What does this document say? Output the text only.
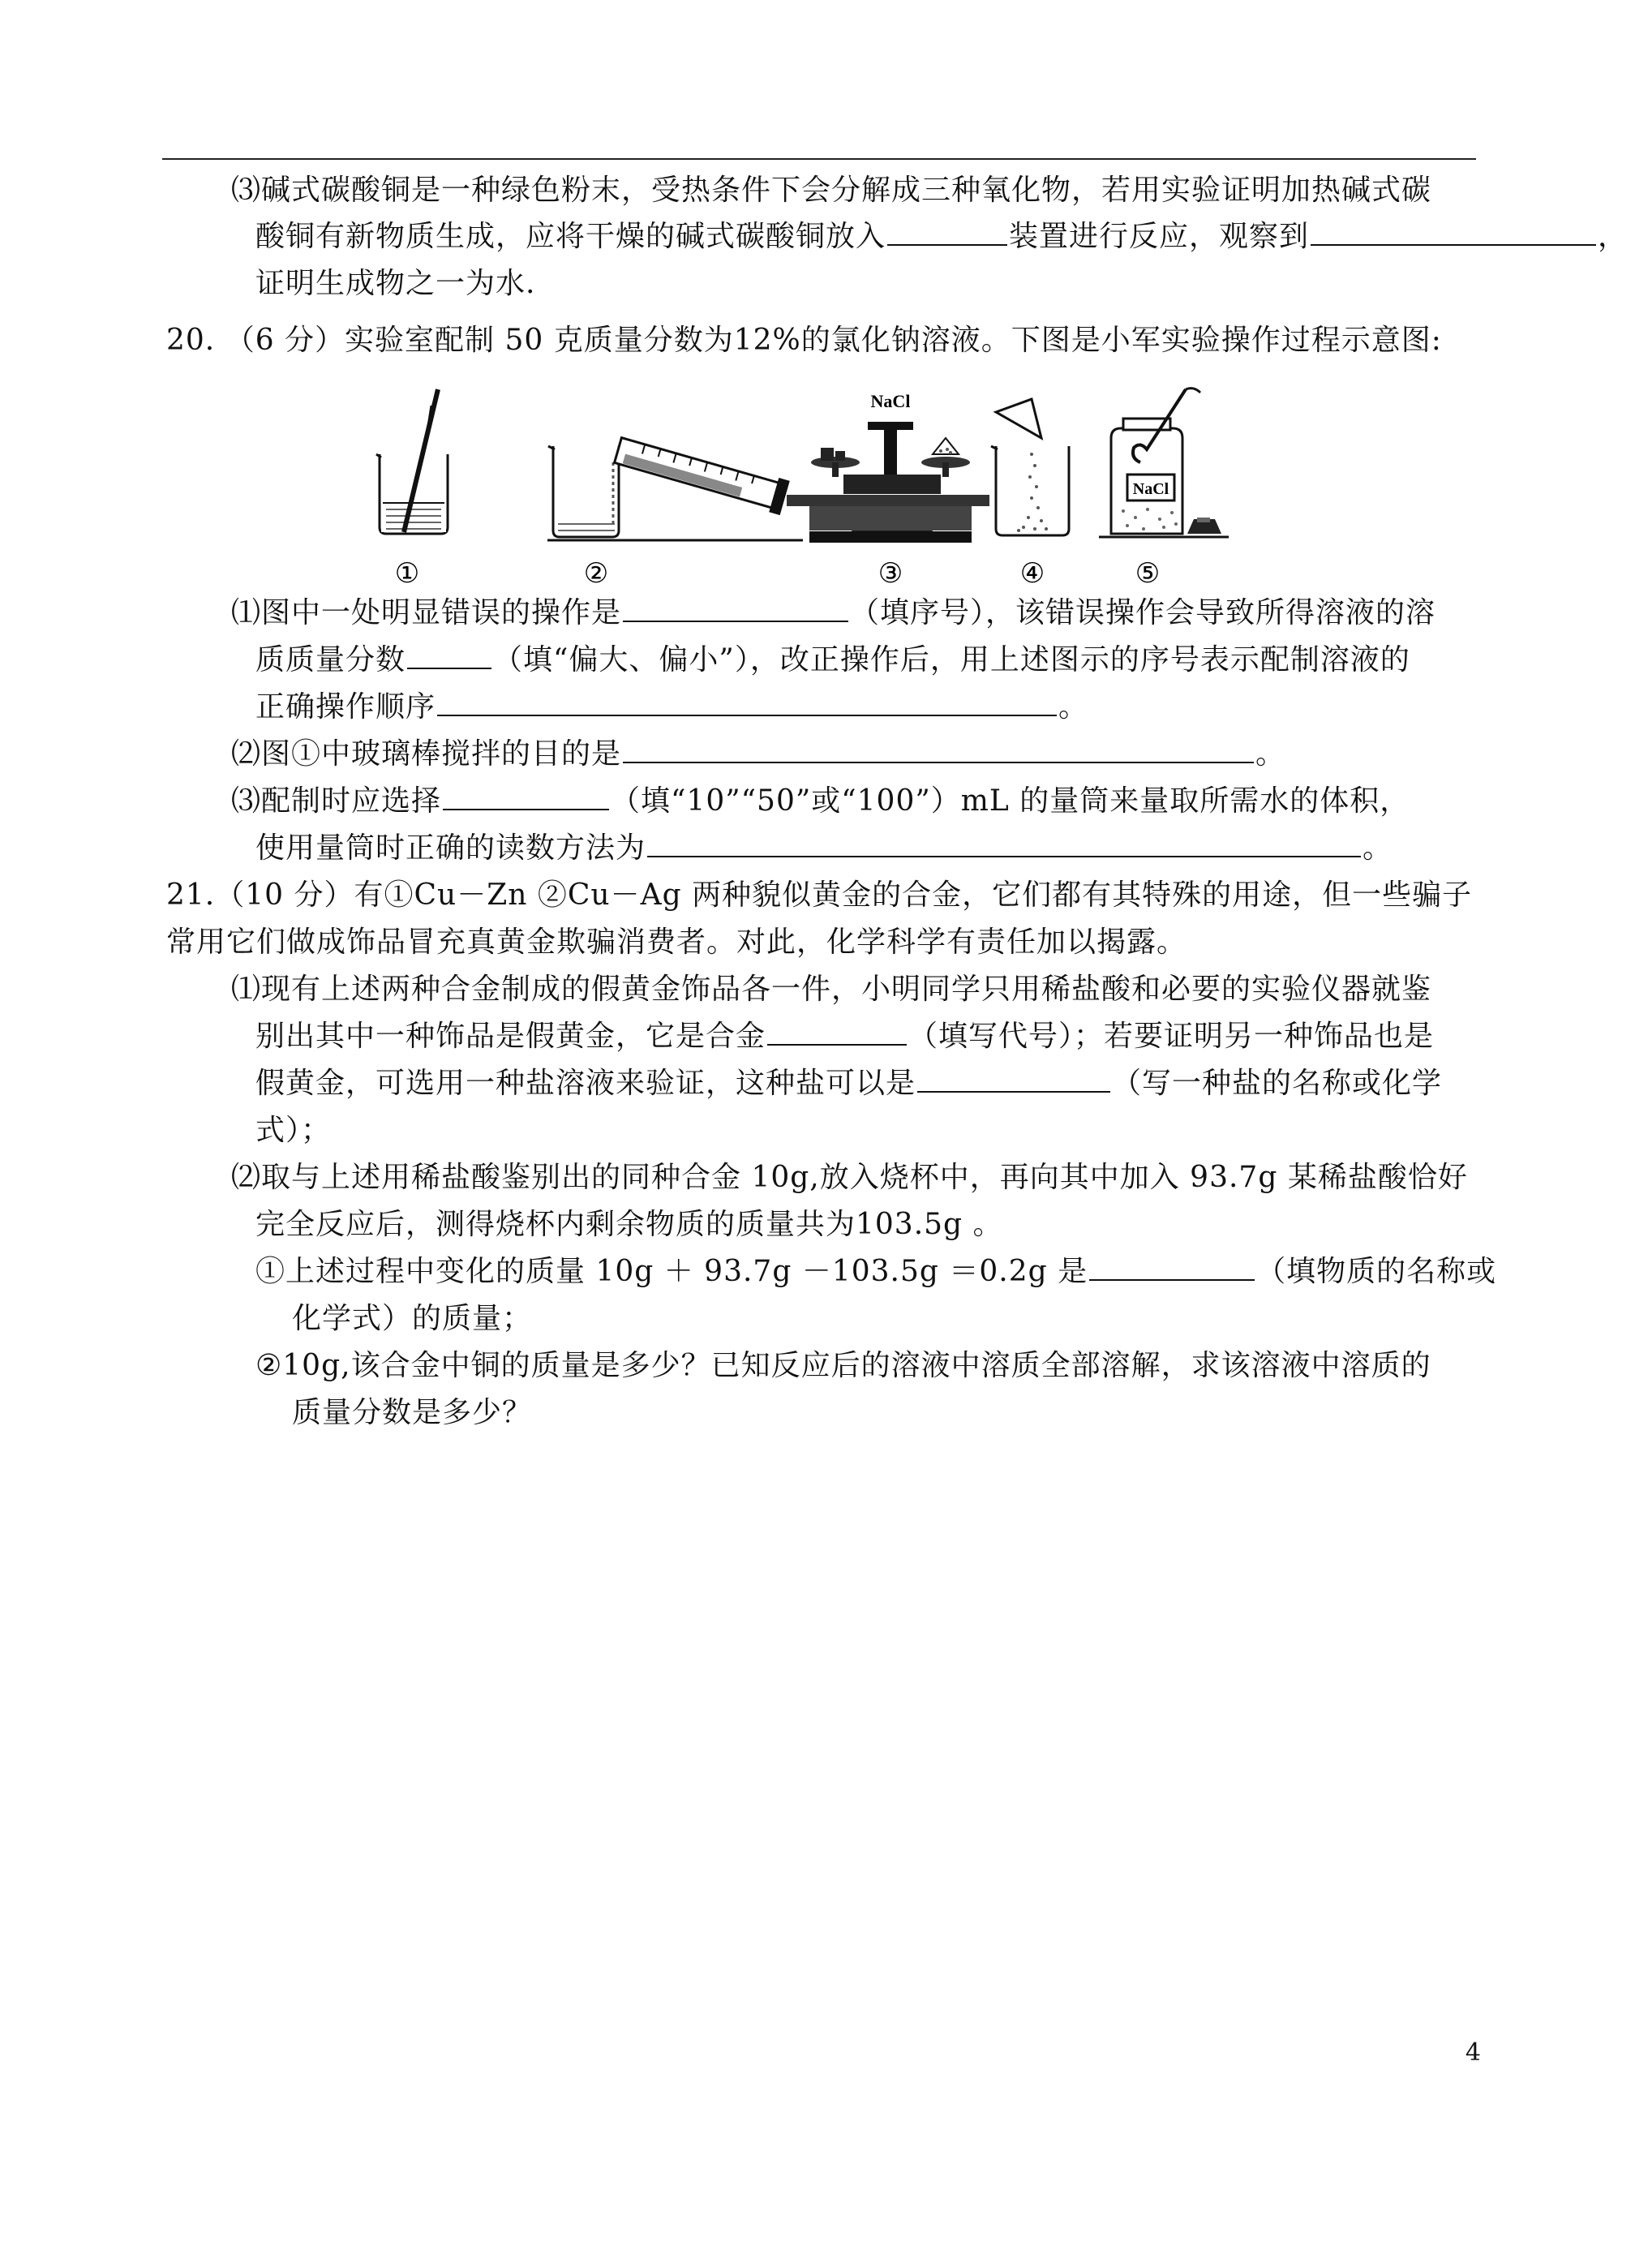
⑶碱式碳酸铜是一种绿色粉末，受热条件下会分解成三种氧化物，若用实验证明加热碱式碳
酸铜有新物质生成，应将干燥的碱式碳酸铜放入	装置进行反应，观察到	，
证明生成物之一为水.
20. （6 分）实验室配制 50 克质量分数为12%的氯化钠溶液。下图是小军实验操作过程示意图:
①	②
NaCl
③	④
NaCl
⑤
⑴图中一处明显错误的操作是	（填序号），该错误操作会导致所得溶液的溶
质质量分数	（填“偏大、偏小”），改正操作后，用上述图示的序号表示配制溶液的
正确操作顺序	。
⑵图①中玻璃棒搅拌的目的是	。
⑶配制时应选择	（填“10”“50”或“100”）mL 的量筒来量取所需水的体积，
使用量筒时正确的读数方法为	。
21.（10 分）有①Cu－Zn ②Cu－Ag 两种貌似黄金的合金，它们都有其特殊的用途，但一些骗子
常用它们做成饰品冒充真黄金欺骗消费者。对此，化学科学有责任加以揭露。
⑴现有上述两种合金制成的假黄金饰品各一件，小明同学只用稀盐酸和必要的实验仪器就鉴
别出其中一种饰品是假黄金，它是合金	（填写代号）；若要证明另一种饰品也是
假黄金，可选用一种盐溶液来验证，这种盐可以是	（写一种盐的名称或化学
式）；
⑵取与上述用稀盐酸鉴别出的同种合金 10g,放入烧杯中，再向其中加入 93.7g 某稀盐酸恰好
完全反应后，测得烧杯内剩余物质的质量共为103.5g 。
①上述过程中变化的质量 10g ＋ 93.7g －103.5g ＝0.2g 是	（填物质的名称或
化学式）的质量；
②10g,该合金中铜的质量是多少？已知反应后的溶液中溶质全部溶解，求该溶液中溶质的
质量分数是多少？
4
